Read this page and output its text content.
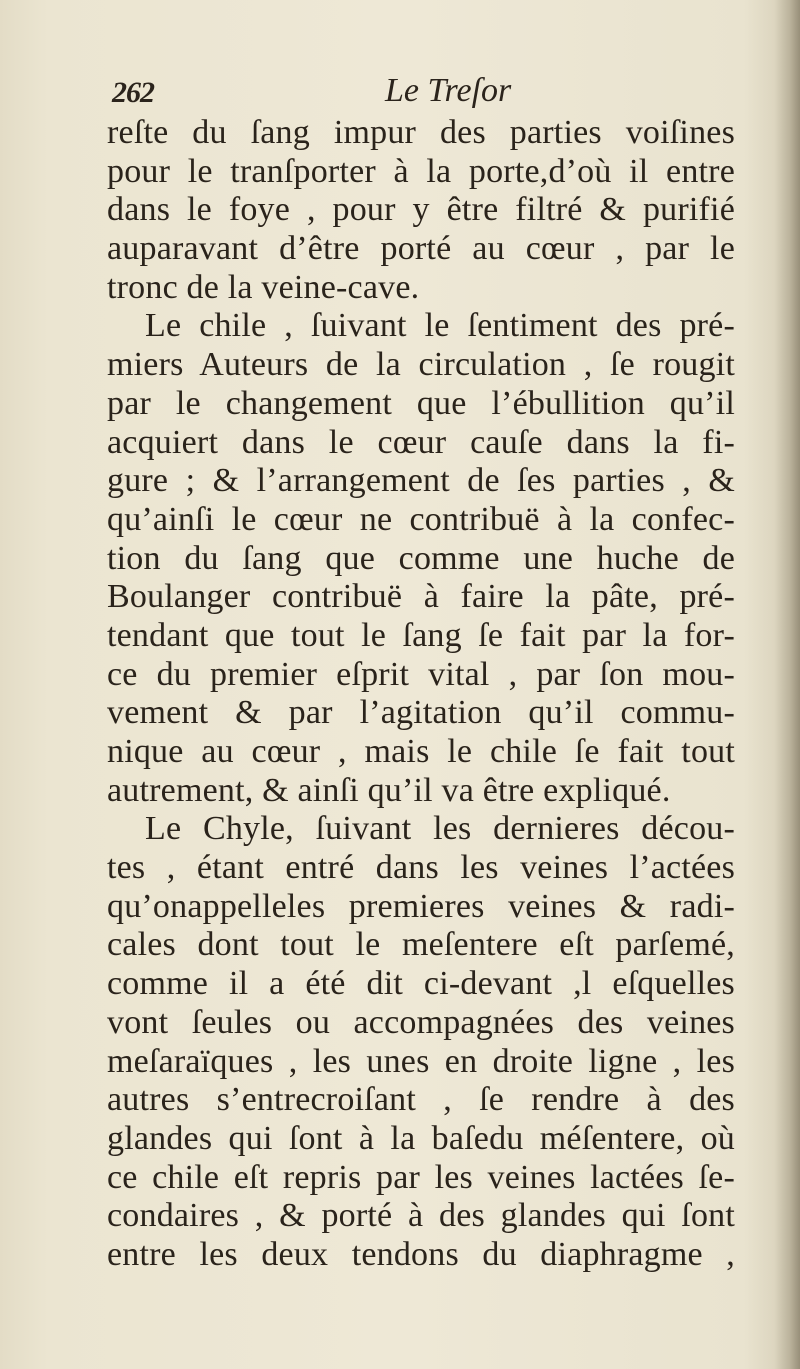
262	Le Treſor
reſte du ſang impur des parties voiſines
pour le tranſporter à la porte,d’où il entre
dans le foye , pour y être filtré & purifié
auparavant d’être porté au cœur , par le
tronc de la veine-cave.
Le chile , ſuivant le ſentiment des pré-
miers Auteurs de la circulation , ſe rougit
par le changement que l’ébullition qu’il
acquiert dans le cœur cauſe dans la fi-
gure ; & l’arrangement de ſes parties , &
qu’ainſi le cœur ne contribuë à la confec-
tion du ſang que comme une huche de
Boulanger contribuë à faire la pâte, pré-
tendant que tout le ſang ſe fait par la for-
ce du premier eſprit vital , par ſon mou-
vement & par l’agitation qu’il commu-
nique au cœur , mais le chile ſe fait tout
autrement, & ainſi qu’il va être expliqué.
Le Chyle, ſuivant les dernieres décou-
tes , étant entré dans les veines l’actées
qu’onappelleles premieres veines & radi-
cales dont tout le meſentere eſt parſemé,
comme il a été dit ci-devant ,l eſquelles
vont ſeules ou accompagnées des veines
meſaraïques , les unes en droite ligne , les
autres s’entrecroiſant , ſe rendre à des
glandes qui ſont à la baſedu méſentere, où
ce chile eſt repris par les veines lactées ſe-
condaires , & porté à des glandes qui ſont
entre les deux tendons du diaphragme ,
